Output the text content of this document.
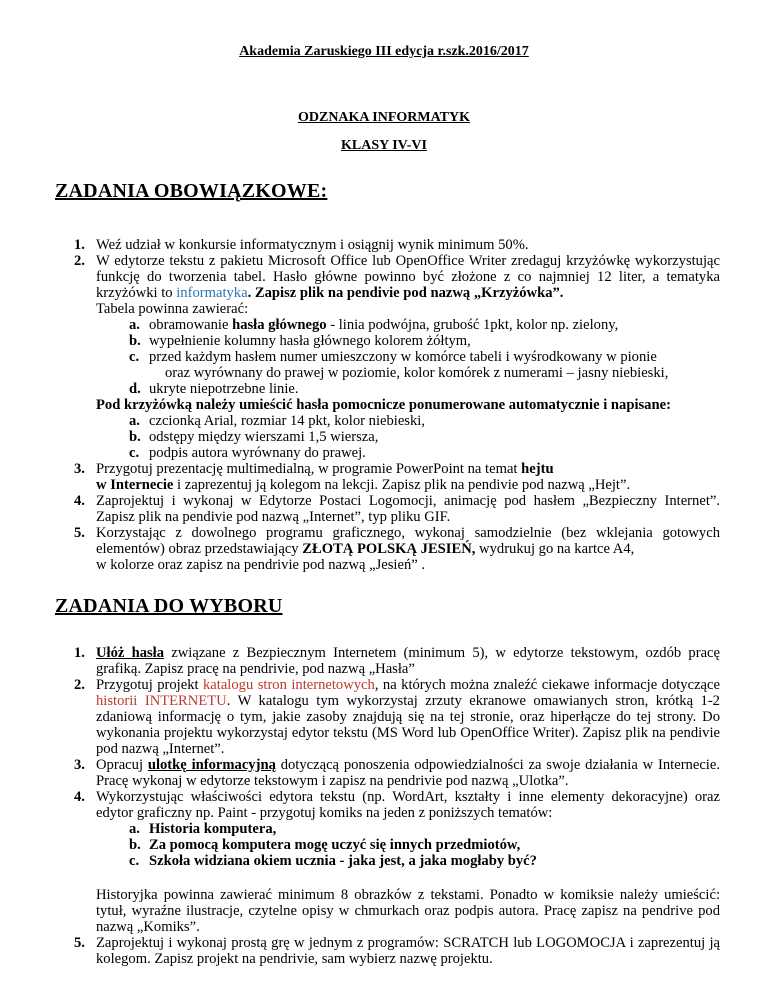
Akademia Zaruskiego III edycja r.szk.2016/2017
ODZNAKA INFORMATYK
KLASY IV-VI
ZADANIA OBOWIĄZKOWE:
1. Weź udział w konkursie informatycznym i osiągnij wynik minimum 50%.
2. W edytorze tekstu z pakietu Microsoft Office lub OpenOffice Writer zredaguj krzyżówkę wykorzystując funkcję do tworzenia tabel. Hasło główne powinno być złożone z co najmniej 12 liter, a tematyka krzyżówki to informatyka. Zapisz plik na pendivie pod nazwą „Krzyżówka”.
Tabela powinna zawierać:
a. obramowanie hasła głównego - linia podwójna, grubość 1pkt, kolor np. zielony,
b. wypełnienie kolumny hasła głównego kolorem żółtym,
c. przed każdym hasłem numer umieszczony w komórce tabeli i wyśrodkowany w pionie
oraz wyrównany do prawej w poziomie, kolor komórek z numerami – jasny niebieski,
d. ukryte niepotrzebne linie.
Pod krzyżówką należy umieścić hasła pomocnicze ponumerowane automatycznie i napisane:
a. czcionką Arial, rozmiar 14 pkt, kolor niebieski,
b. odstępy między wierszami 1,5 wiersza,
c. podpis autora wyrównany do prawej.
3. Przygotuj prezentację multimedialną, w programie PowerPoint na temat hejtu
w Internecie i zaprezentuj ją kolegom na lekcji. Zapisz plik na pendivie pod nazwą „Hejt”.
4. Zaprojektuj i wykonaj w Edytorze Postaci Logomocji, animację pod hasłem „Bezpieczny Internet”. Zapisz plik na pendivie pod nazwą „Internet”, typ pliku GIF.
5. Korzystając z dowolnego programu graficznego, wykonaj samodzielnie (bez wklejania gotowych elementów) obraz przedstawiający ZŁOTĄ POLSKĄ JESIEŃ, wydrukuj go na kartce A4,
w kolorze oraz zapisz na pendrivie pod nazwą „Jesień” .
ZADANIA DO WYBORU
1. Ułóż hasła związane z Bezpiecznym Internetem (minimum 5), w edytorze tekstowym, ozdób pracę grafiką. Zapisz pracę na pendrivie, pod nazwą „Hasła”
2. Przygotuj projekt katalogu stron internetowych, na których można znaleźć ciekawe informacje dotyczące historii INTERNETU. W katalogu tym wykorzystaj zrzuty ekranowe omawianych stron, krótką 1-2 zdaniową informację o tym, jakie zasoby znajdują się na tej stronie, oraz hiperłącze do tej strony. Do wykonania projektu wykorzystaj edytor tekstu (MS Word lub OpenOffice Writer). Zapisz plik na pendivie pod nazwą „Internet”.
3. Opracuj ulotkę informacyjną dotyczącą ponoszenia odpowiedzialności za swoje działania w Internecie. Pracę wykonaj w edytorze tekstowym i zapisz na pendrivie pod nazwą „Ulotka”.
4. Wykorzystując właściwości edytora tekstu (np. WordArt, kształty i inne elementy dekoracyjne) oraz edytor graficzny np. Paint - przygotuj komiks na jeden z poniższych tematów:
a. Historia komputera,
b. Za pomocą komputera mogę uczyć się innych przedmiotów,
c. Szkoła widziana okiem ucznia - jaka jest, a jaka mogłaby być?
Historyjka powinna zawierać minimum 8 obrazków z tekstami. Ponadto w komiksie należy umieścić: tytuł, wyraźne ilustracje, czytelne opisy w chmurkach oraz podpis autora. Pracę zapisz na pendrive pod nazwą „Komiks”.
5. Zaprojektuj i wykonaj prostą grę w jednym z programów: SCRATCH lub LOGOMOCJA i zaprezentuj ją kolegom. Zapisz projekt na pendrivie, sam wybierz nazwę projektu.
